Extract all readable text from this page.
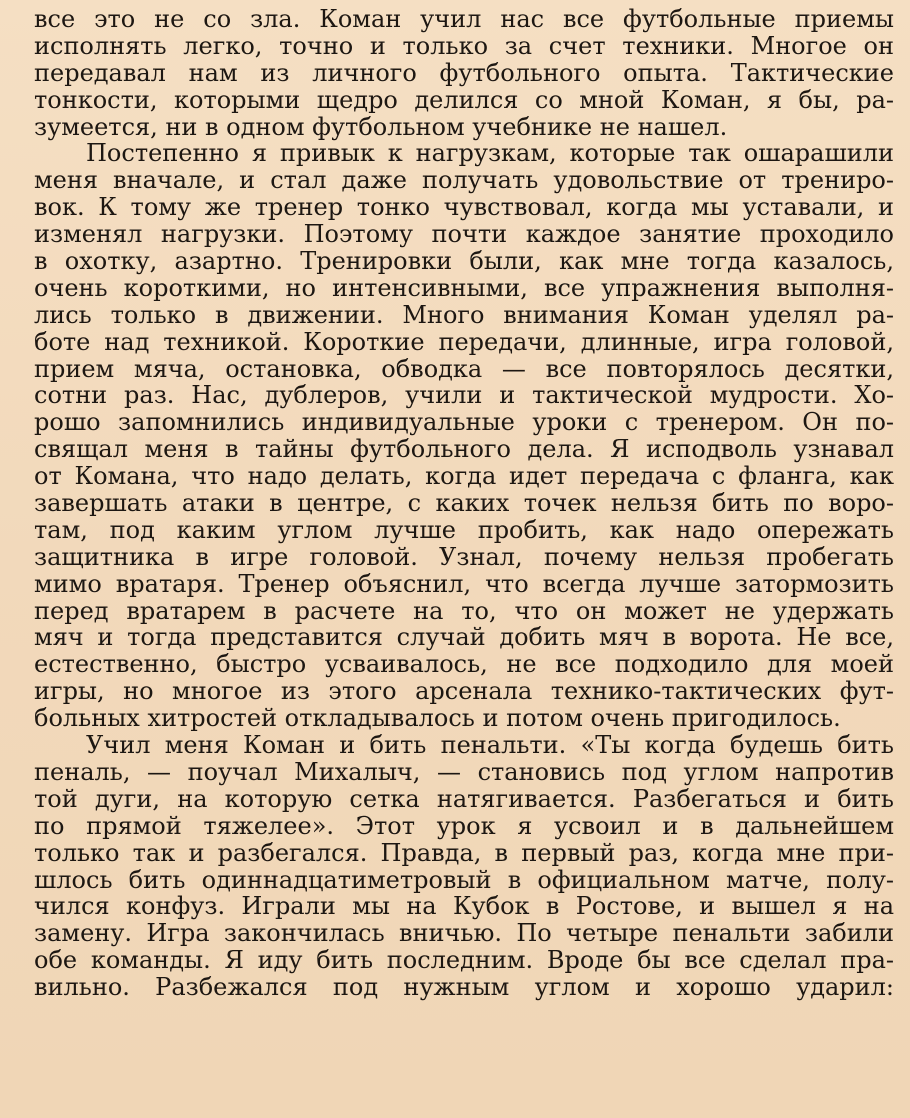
все это не со зла. Коман учил нас все футбольные приемы
исполнять легко, точно и только за счет техники. Многое он
передавал нам из личного футбольного опыта. Тактические
тонкости, которыми щедро делился со мной Коман, я бы, ра-
зумеется, ни в одном футбольном учебнике не нашел.
Постепенно я привык к нагрузкам, которые так ошарашили
меня вначале, и стал даже получать удовольствие от трениро-
вок. К тому же тренер тонко чувствовал, когда мы уставали, и
изменял нагрузки. Поэтому почти каждое занятие проходило
в охотку, азартно. Тренировки были, как мне тогда казалось,
очень короткими, но интенсивными, все упражнения выполня-
лись только в движении. Много внимания Коман уделял ра-
боте над техникой. Короткие передачи, длинные, игра головой,
прием мяча, остановка, обводка — все повторялось десятки,
сотни раз. Нас, дублеров, учили и тактической мудрости. Хо-
рошо запомнились индивидуальные уроки с тренером. Он по-
свящал меня в тайны футбольного дела. Я исподволь узнавал
от Комана, что надо делать, когда идет передача с фланга, как
завершать атаки в центре, с каких точек нельзя бить по воро-
там, под каким углом лучше пробить, как надо опережать
защитника в игре головой. Узнал, почему нельзя пробегать
мимо вратаря. Тренер объяснил, что всегда лучше затормозить
перед вратарем в расчете на то, что он может не удержать
мяч и тогда представится случай добить мяч в ворота. Не все,
естественно, быстро усваивалось, не все подходило для моей
игры, но многое из этого арсенала технико-тактических фут-
больных хитростей откладывалось и потом очень пригодилось.
Учил меня Коман и бить пенальти. «Ты когда будешь бить
пеналь, — поучал Михалыч, — становись под углом напротив
той дуги, на которую сетка натягивается. Разбегаться и бить
по прямой тяжелее». Этот урок я усвоил и в дальнейшем
только так и разбегался. Правда, в первый раз, когда мне при-
шлось бить одиннадцатиметровый в официальном матче, полу-
чился конфуз. Играли мы на Кубок в Ростове, и вышел я на
замену. Игра закончилась вничью. По четыре пенальти забили
обе команды. Я иду бить последним. Вроде бы все сделал пра-
вильно. Разбежался под нужным углом и хорошо ударил:
